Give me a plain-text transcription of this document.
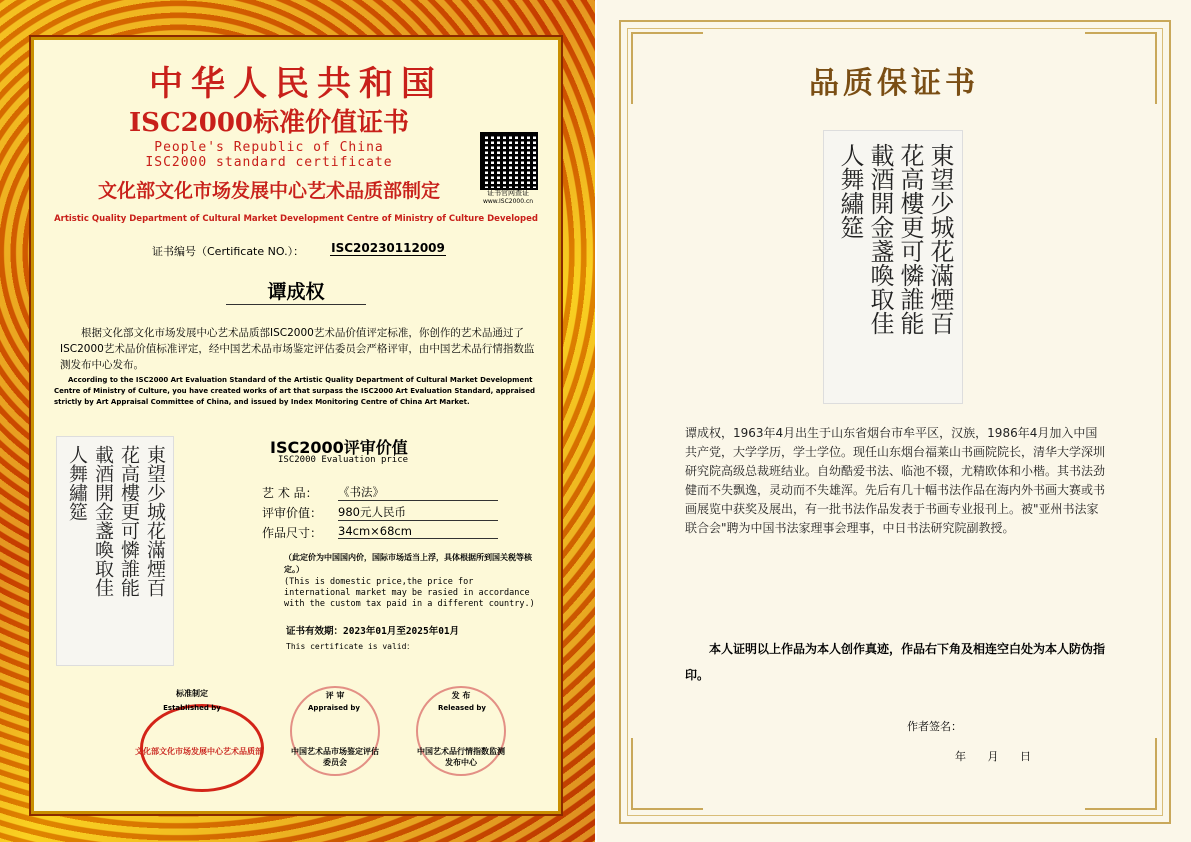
中华人民共和国
ISC2000标准价值证书
People's Republic of China
ISC2000 standard certificate
文化部文化市场发展中心艺术品质部制定
Artistic Quality Department of Cultural Market Development Centre of Ministry of Culture Developed
证书官网查证
www.ISC2000.cn
证书编号（Certificate NO.）： ISC20230112009
谭成权
根据文化部文化市场发展中心艺术品质部ISC2000艺术品价值评定标准，你创作的艺术品通过了ISC2000艺术品价值标准评定，经中国艺术品市场鉴定评估委员会严格评审，由中国艺术品行情指数监测发布中心发布。
According to the ISC2000 Art Evaluation Standard of the Artistic Quality Department of Cultural Market Development Centre of Ministry of Culture, you have created works of art that surpass the ISC2000 Art Evaluation Standard, appraised strictly by Art Appraisal Committee of China, and issued by Index Monitoring Centre of China Art Market.
東望少城花滿煙百
花高樓更可憐誰能
載酒開金盞喚取佳
人舞繡筵	ISC2000评审价值
ISC2000 Evaluation price
艺 术 品： 《书法》
评审价值： 980元人民币
作品尺寸： 34cm×68cm
（此定价为中国国内价，国际市场适当上浮，具体根据所到国关税等核定。）
(This is domestic price,the price for international market may be rasied in accordance with the custom tax paid in a different country.)
证书有效期：2023年01月至2025年01月
This certificate is valid：
标准制定
Established by
文化部文化市场发展中心艺术品质部
评 审
Appraised by
中国艺术品市场鉴定评估委员会
发 布
Released by
中国艺术品行情指数监测发布中心
品质保证书
東望少城花滿煙百
花高樓更可憐誰能
載酒開金盞喚取佳
人舞繡筵
谭成权，1963年4月出生于山东省烟台市牟平区，汉族，1986年4月加入中国共产党，大学学历，学士学位。现任山东烟台福莱山书画院院长，清华大学深圳研究院高级总裁班结业。自幼酷爱书法、临池不辍，尤精欧体和小楷。其书法劲健而不失飘逸，灵动而不失雄浑。先后有几十幅书法作品在海内外书画大赛或书画展览中获奖及展出，有一批书法作品发表于书画专业报刊上。被"亚州书法家联合会"聘为中国书法家理事会理事，中日书法研究院副教授。
本人证明以上作品为本人创作真迹，作品右下角及相连空白处为本人防伪指印。
作者签名：
年 月 日
